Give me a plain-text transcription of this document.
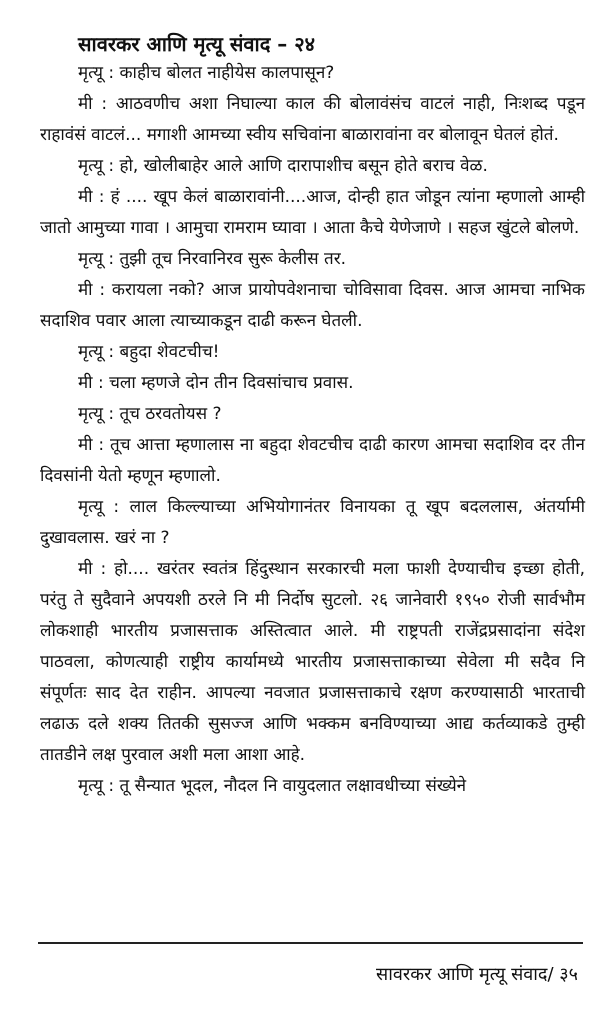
सावरकर आणि मृत्यू संवाद – २४

मृत्यू : काहीच बोलत नाहीयेस कालपासून?

मी : आठवणीच अशा निघाल्या काल की बोलावंसंच वाटलं नाही, निःशब्द पडून राहावंसं वाटलं... मगाशी आमच्या स्वीय सचिवांना बाळारावांना वर बोलावून घेतलं होतं.

मृत्यू : हो, खोलीबाहेर आले आणि दारापाशीच बसून होते बराच वेळ.

मी : हं .... खूप केलं बाळारावांनी....आज, दोन्ही हात जोडून त्यांना म्हणालो आम्ही जातो आमुच्या गावा । आमुचा रामराम घ्यावा । आता कैचे येणेजाणे । सहज खुंटले बोलणे.

मृत्यू : तुझी तूच निरवानिरव सुरू केलीस तर.

मी : करायला नको? आज प्रायोपवेशनाचा चोविसावा दिवस. आज आमचा नाभिक सदाशिव पवार आला त्याच्याकडून दाढी करून घेतली.

मृत्यू : बहुदा शेवटचीच!

मी : चला म्हणजे दोन तीन दिवसांचाच प्रवास.

मृत्यू : तूच ठरवतोयस ?

मी : तूच आत्ता म्हणालास ना बहुदा शेवटचीच दाढी कारण आमचा सदाशिव दर तीन दिवसांनी येतो म्हणून म्हणालो.

मृत्यू : लाल किल्ल्याच्या अभियोगानंतर विनायका तू खूप बदललास, अंतर्यामी दुखावलास. खरं ना ?

मी : हो.... खरंतर स्वतंत्र हिंदुस्थान सरकारची मला फाशी देण्याचीच इच्छा होती, परंतु ते सुदैवाने अपयशी ठरले नि मी निर्दोष सुटलो. २६ जानेवारी १९५० रोजी सार्वभौम लोकशाही भारतीय प्रजासत्ताक अस्तित्वात आले. मी राष्ट्रपती राजेंद्रप्रसादांना संदेश पाठवला, कोणत्याही राष्ट्रीय कार्यामध्ये भारतीय प्रजासत्ताकाच्या सेवेला मी सदैव नि संपूर्णतः साद देत राहीन. आपल्या नवजात प्रजासत्ताकाचे रक्षण करण्यासाठी भारताची लढाऊ दले शक्य तितकी सुसज्ज आणि भक्कम बनविण्याच्या आद्य कर्तव्याकडे तुम्ही तातडीने लक्ष पुरवाल अशी मला आशा आहे.

मृत्यू : तू सैन्यात भूदल, नौदल नि वायुदलात लक्षावधीच्या संख्येने

सावरकर आणि मृत्यू संवाद/ ३५
